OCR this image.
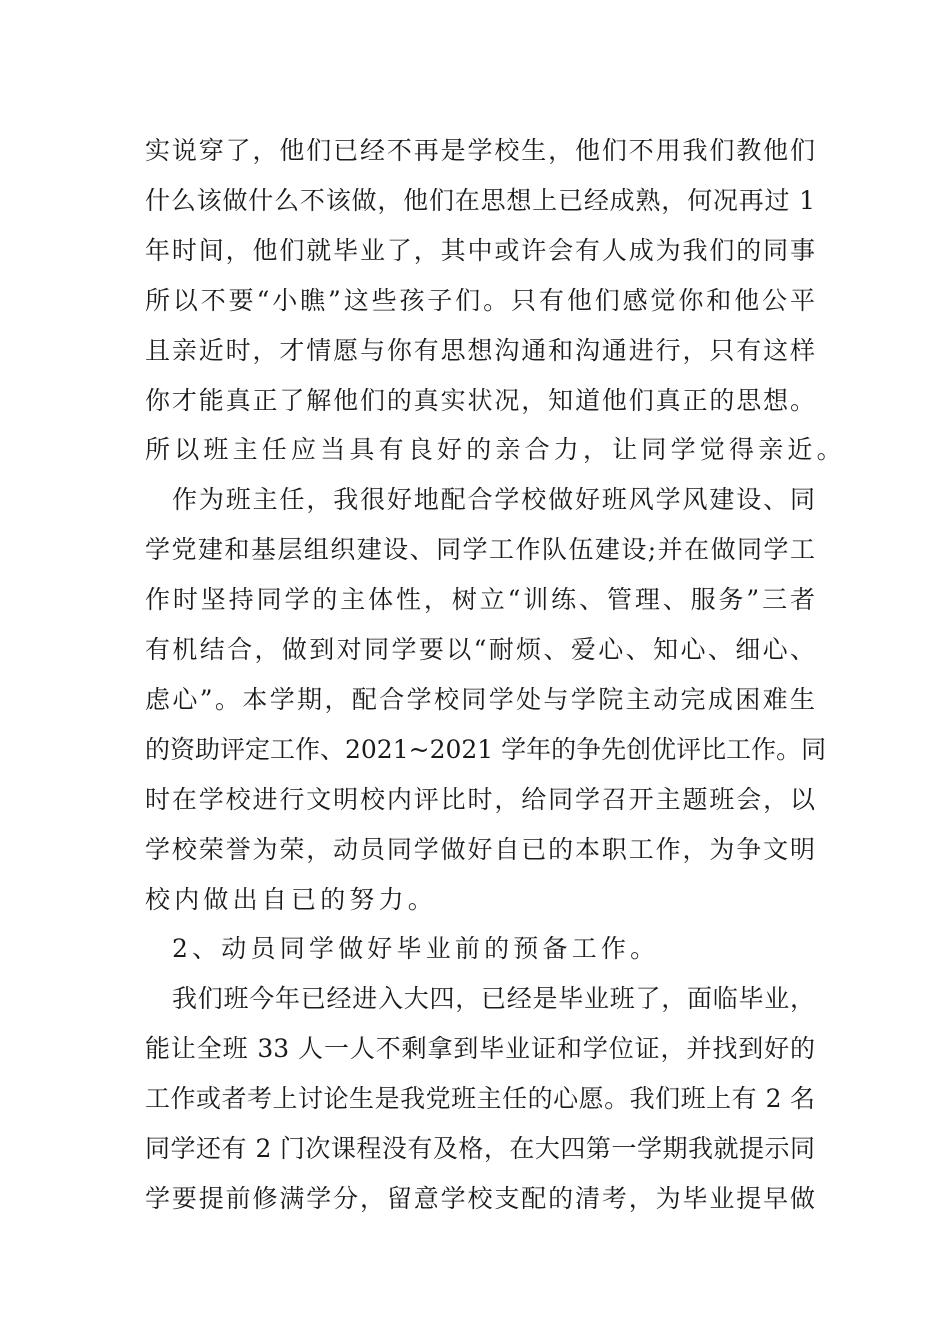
实说穿了，他们已经不再是学校生，他们不用我们教他们
什么该做什么不该做，他们在思想上已经成熟，何况再过 1
年时间，他们就毕业了，其中或许会有人成为我们的同事
所以不要“小瞧”这些孩子们。只有他们感觉你和他公平
且亲近时，才情愿与你有思想沟通和沟通进行，只有这样
你才能真正了解他们的真实状况，知道他们真正的思想。
所以班主任应当具有良好的亲合力，让同学觉得亲近。
作为班主任，我很好地配合学校做好班风学风建设、同
学党建和基层组织建设、同学工作队伍建设;并在做同学工
作时坚持同学的主体性，树立“训练、管理、服务”三者
有机结合，做到对同学要以“耐烦、爱心、知心、细心、
虑心”。本学期，配合学校同学处与学院主动完成困难生
的资助评定工作、2021~2021 学年的争先创优评比工作。同
时在学校进行文明校内评比时，给同学召开主题班会，以
学校荣誉为荣，动员同学做好自已的本职工作，为争文明
校内做出自已的努力。
2、动员同学做好毕业前的预备工作。
我们班今年已经进入大四，已经是毕业班了，面临毕业，
能让全班 33 人一人不剩拿到毕业证和学位证，并找到好的
工作或者考上讨论生是我党班主任的心愿。我们班上有 2 名
同学还有 2 门次课程没有及格，在大四第一学期我就提示同
学要提前修满学分，留意学校支配的清考，为毕业提早做
